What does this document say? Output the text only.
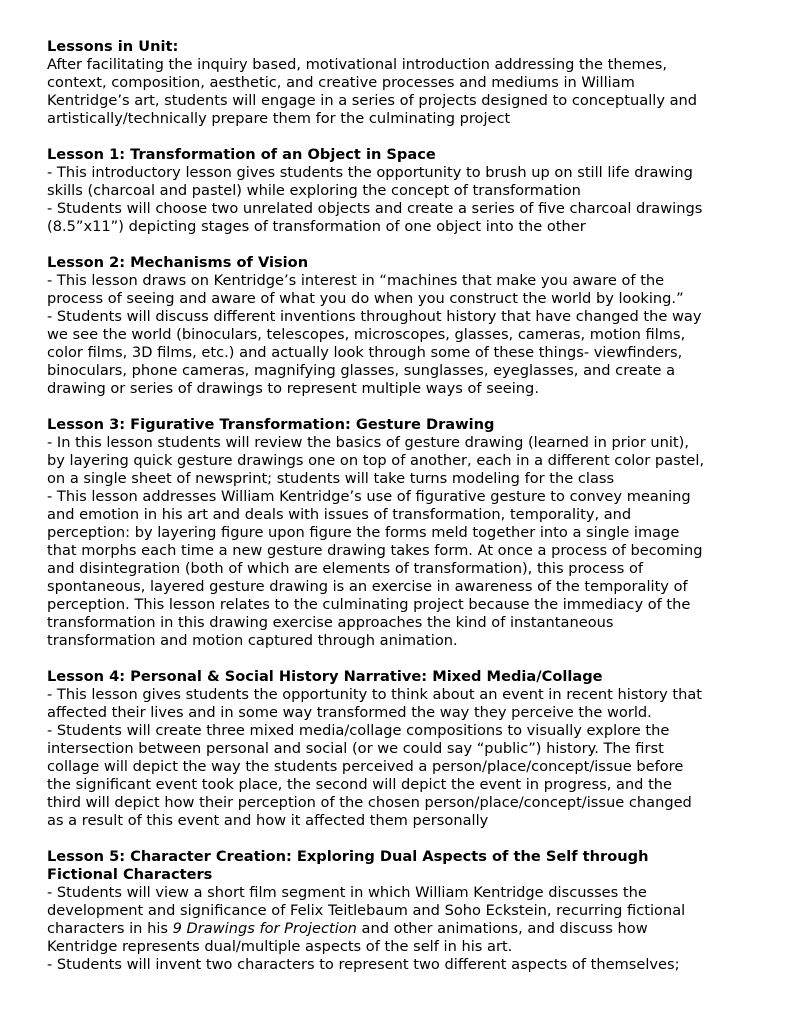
Lessons in Unit:
After facilitating the inquiry based, motivational introduction addressing the themes,
context, composition, aesthetic, and creative processes and mediums in William
Kentridge’s art, students will engage in a series of projects designed to conceptually and
artistically/technically prepare them for the culminating project
Lesson 1: Transformation of an Object in Space
- This introductory lesson gives students the opportunity to brush up on still life drawing
skills (charcoal and pastel) while exploring the concept of transformation
- Students will choose two unrelated objects and create a series of five charcoal drawings
(8.5”x11”) depicting stages of transformation of one object into the other
Lesson 2: Mechanisms of Vision
- This lesson draws on Kentridge’s interest in “machines that make you aware of the
process of seeing and aware of what you do when you construct the world by looking.”
- Students will discuss different inventions throughout history that have changed the way
we see the world (binoculars, telescopes, microscopes, glasses, cameras, motion films,
color films, 3D films, etc.) and actually look through some of these things- viewfinders,
binoculars, phone cameras, magnifying glasses, sunglasses, eyeglasses, and create a
drawing or series of drawings to represent multiple ways of seeing.
Lesson 3: Figurative Transformation: Gesture Drawing
- In this lesson students will review the basics of gesture drawing (learned in prior unit),
by layering quick gesture drawings one on top of another, each in a different color pastel,
on a single sheet of newsprint; students will take turns modeling for the class
- This lesson addresses William Kentridge’s use of figurative gesture to convey meaning
and emotion in his art and deals with issues of transformation, temporality, and
perception: by layering figure upon figure the forms meld together into a single image
that morphs each time a new gesture drawing takes form. At once a process of becoming
and disintegration (both of which are elements of transformation), this process of
spontaneous, layered gesture drawing is an exercise in awareness of the temporality of
perception. This lesson relates to the culminating project because the immediacy of the
transformation in this drawing exercise approaches the kind of instantaneous
transformation and motion captured through animation.
Lesson 4: Personal & Social History Narrative: Mixed Media/Collage
- This lesson gives students the opportunity to think about an event in recent history that
affected their lives and in some way transformed the way they perceive the world.
- Students will create three mixed media/collage compositions to visually explore the
intersection between personal and social (or we could say “public”) history. The first
collage will depict the way the students perceived a person/place/concept/issue before
the significant event took place, the second will depict the event in progress, and the
third will depict how their perception of the chosen person/place/concept/issue changed
as a result of this event and how it affected them personally
Lesson 5: Character Creation: Exploring Dual Aspects of the Self through
Fictional Characters
- Students will view a short film segment in which William Kentridge discusses the
development and significance of Felix Teitlebaum and Soho Eckstein, recurring fictional
characters in his 9 Drawings for Projection and other animations, and discuss how
Kentridge represents dual/multiple aspects of the self in his art.
- Students will invent two characters to represent two different aspects of themselves;
